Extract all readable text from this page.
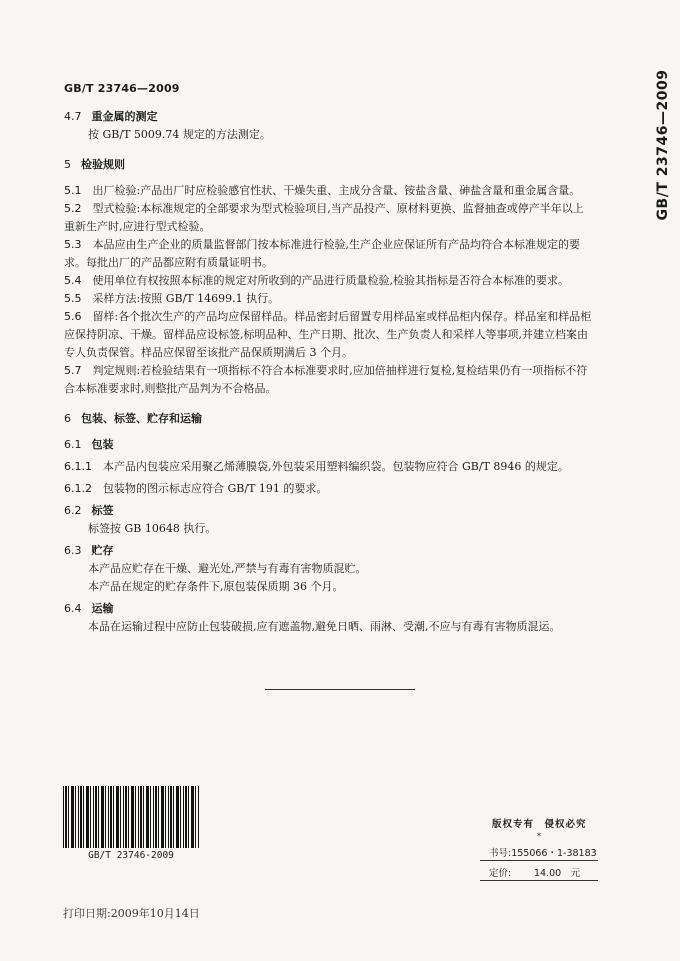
GB/T 23746—2009	GB/T 23746—2009

4.7 重金属的测定

按 GB/T 5009.74 规定的方法测定。

5 检验规则

5.1　 出厂检验:产品出厂时应检验感官性状、干燥失重、主成分含量、铵盐含量、砷盐含量和重金属含量。

5.2　 型式检验:本标准规定的全部要求为型式检验项目,当产品投产、原材料更换、监督抽查或停产半年以上重新生产时,应进行型式检验。

5.3　 本品应由生产企业的质量监督部门按本标准进行检验,生产企业应保证所有产品均符合本标准规定的要求。每批出厂的产品都应附有质量证明书。

5.4　 使用单位有权按照本标准的规定对所收到的产品进行质量检验,检验其指标是否符合本标准的要求。

5.5　 采样方法:按照 GB/T 14699.1 执行。

5.6　 留样:各个批次生产的产品均应保留样品。样品密封后留置专用样品室或样品柜内保存。样品室和样品柜应保持阴凉、干燥。留样品应设标签,标明品种、生产日期、批次、生产负责人和采样人等事项,并建立档案由专人负责保管。样品应保留至该批产品保质期满后 3 个月。

5.7　 判定规则:若检验结果有一项指标不符合本标准要求时,应加倍抽样进行复检,复检结果仍有一项指标不符合本标准要求时,则整批产品判为不合格品。

6 包装、标签、贮存和运输

6.1 包装

6.1.1　 本产品内包装应采用聚乙烯薄膜袋,外包装采用塑料编织袋。包装物应符合 GB/T 8946 的规定。

6.1.2　 包装物的图示标志应符合 GB/T 191 的要求。

6.2 标签

标签按 GB 10648 执行。

6.3 贮存

本产品应贮存在干燥、避光处,严禁与有毒有害物质混贮。

本产品在规定的贮存条件下,原包装保质期 36 个月。

6.4 运输

本品在运输过程中应防止包装破损,应有遮盖物,避免日晒、雨淋、受潮,不应与有毒有害物质混运。

GB/T 23746-2009
版权专有　侵权必究
*
书号:155066・1-38183
定价: 14.00　元
打印日期:2009年10月14日
